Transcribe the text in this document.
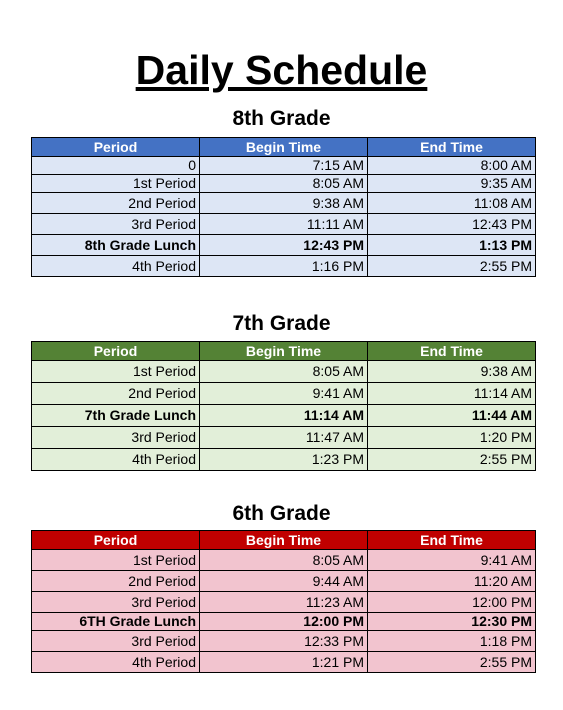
Daily Schedule
8th Grade
Period	Begin Time	End Time
0	7:15 AM	8:00 AM
1st Period	8:05 AM	9:35 AM
2nd Period	9:38 AM	11:08 AM
3rd Period	11:11 AM	12:43 PM
8th Grade Lunch	12:43 PM	1:13 PM
4th Period	1:16 PM	2:55 PM
7th Grade
Period	Begin Time	End Time
1st Period	8:05 AM	9:38 AM
2nd Period	9:41 AM	11:14 AM
7th Grade Lunch	11:14 AM	11:44 AM
3rd Period	11:47 AM	1:20 PM
4th Period	1:23 PM	2:55 PM
6th Grade
Period	Begin Time	End Time
1st Period	8:05 AM	9:41 AM
2nd Period	9:44 AM	11:20 AM
3rd Period	11:23 AM	12:00 PM
6TH Grade Lunch	12:00 PM	12:30 PM
3rd Period	12:33 PM	1:18 PM
4th Period	1:21 PM	2:55 PM
